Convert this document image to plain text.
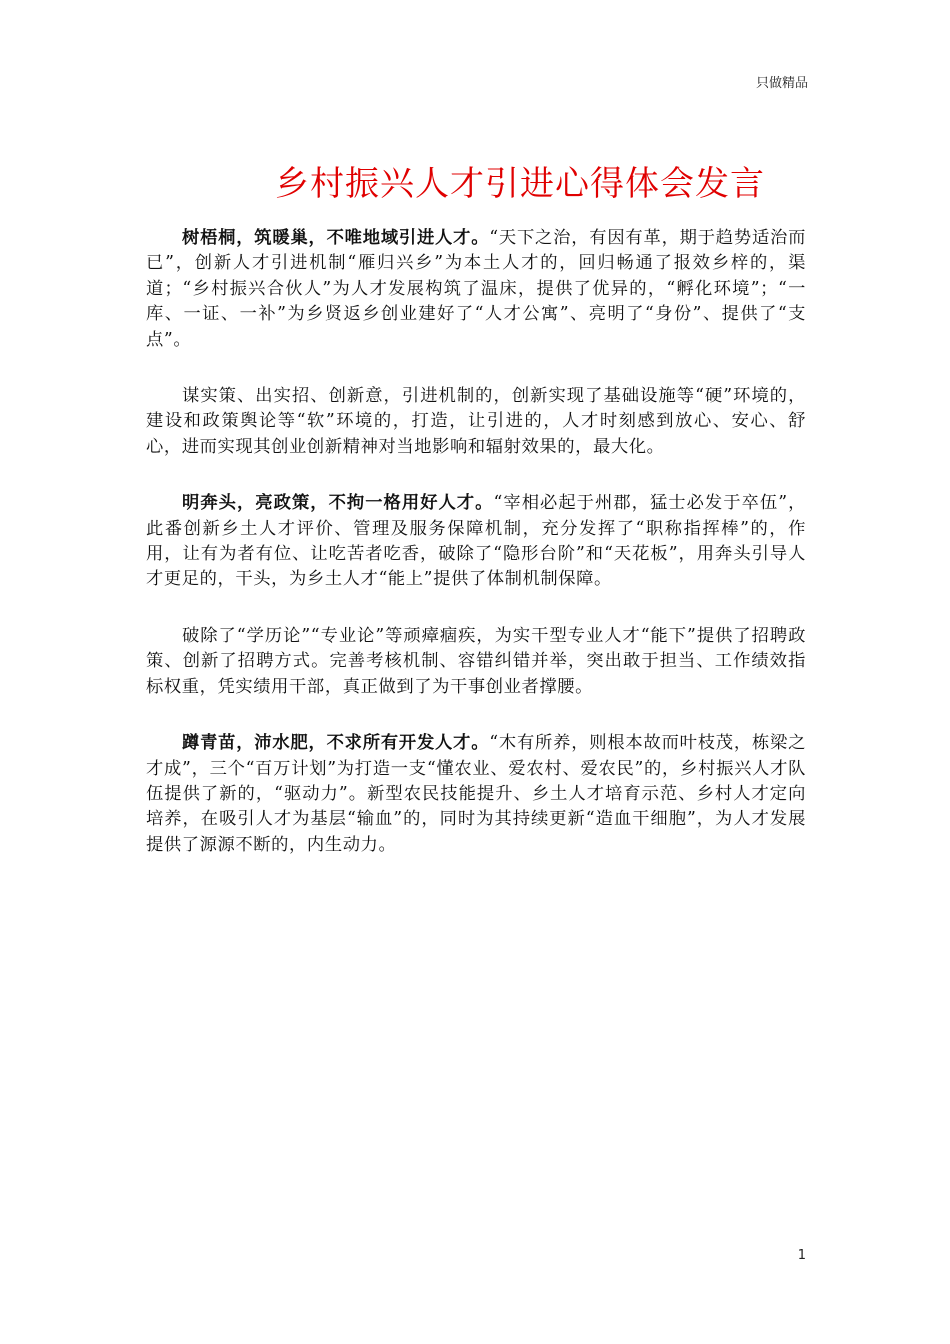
只做精品
乡村振兴人才引进心得体会发言

树梧桐，筑暖巢，不唯地域引进人才。“天下之治，有因有革，期于趋势适治而已”，创新人才引进机制“雁归兴乡”为本土人才的，回归畅通了报效乡梓的，渠道；“乡村振兴合伙人”为人才发展构筑了温床，提供了优异的，“孵化环境”；“一库、一证、一补”为乡贤返乡创业建好了“人才公寓”、亮明了“身份”、提供了“支点”。

谋实策、出实招、创新意，引进机制的，创新实现了基础设施等“硬”环境的，建设和政策舆论等“软”环境的，打造，让引进的，人才时刻感到放心、安心、舒心，进而实现其创业创新精神对当地影响和辐射效果的，最大化。

明奔头，亮政策，不拘一格用好人才。“宰相必起于州郡，猛士必发于卒伍”，此番创新乡土人才评价、管理及服务保障机制，充分发挥了“职称指挥棒”的，作用，让有为者有位、让吃苦者吃香，破除了“隐形台阶”和“天花板”，用奔头引导人才更足的，干头，为乡土人才“能上”提供了体制机制保障。

破除了“学历论”“专业论”等顽瘴痼疾，为实干型专业人才“能下”提供了招聘政策、创新了招聘方式。完善考核机制、容错纠错并举，突出敢于担当、工作绩效指标权重，凭实绩用干部，真正做到了为干事创业者撑腰。

蹲青苗，沛水肥，不求所有开发人才。“木有所养，则根本故而叶枝茂，栋梁之才成”，三个“百万计划”为打造一支“懂农业、爱农村、爱农民”的，乡村振兴人才队伍提供了新的，“驱动力”。新型农民技能提升、乡土人才培育示范、乡村人才定向培养，在吸引人才为基层“输血”的，同时为其持续更新“造血干细胞”，为人才发展提供了源源不断的，内生动力。

1
